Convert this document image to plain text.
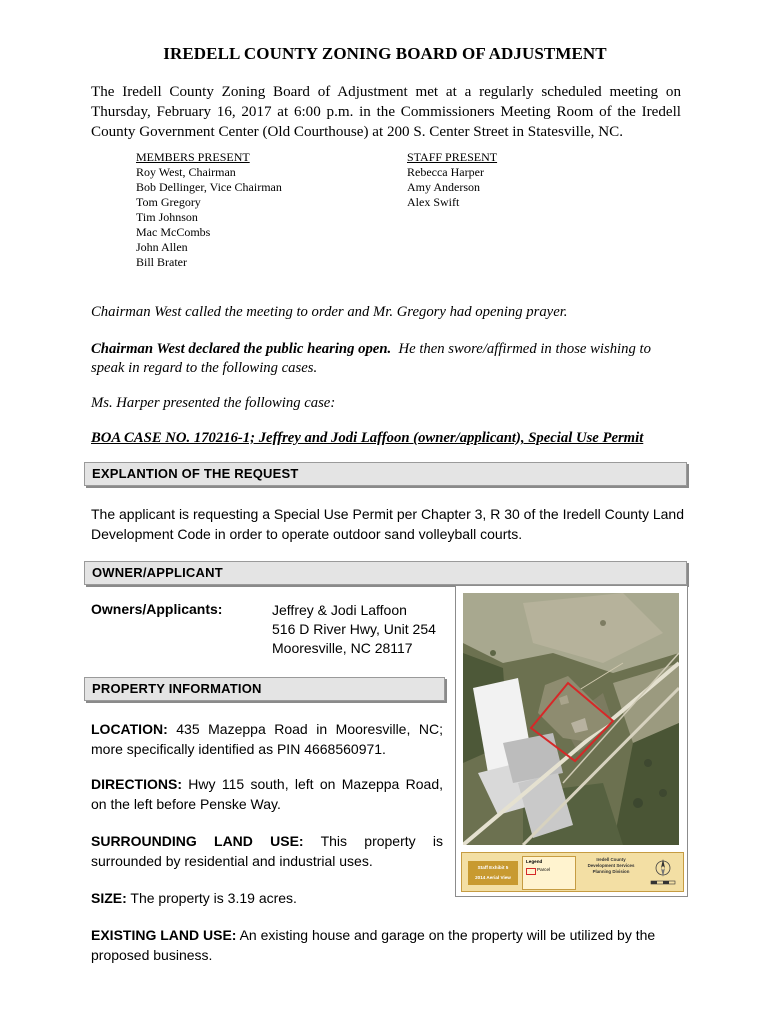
IREDELL COUNTY ZONING BOARD OF ADJUSTMENT
The Iredell County Zoning Board of Adjustment met at a regularly scheduled meeting on Thursday, February 16, 2017 at 6:00 p.m. in the Commissioners Meeting Room of the Iredell County Government Center (Old Courthouse) at 200 S. Center Street in Statesville, NC.
MEMBERS PRESENT
Roy West, Chairman
Bob Dellinger, Vice Chairman
Tom Gregory
Tim Johnson
Mac McCombs
John Allen
Bill Brater
STAFF PRESENT
Rebecca Harper
Amy Anderson
Alex Swift
Chairman West called the meeting to order and Mr. Gregory had opening prayer.
Chairman West declared the public hearing open. He then swore/affirmed in those wishing to speak in regard to the following cases.
Ms. Harper presented the following case:
BOA CASE NO. 170216-1; Jeffrey and Jodi Laffoon (owner/applicant), Special Use Permit
EXPLANTION OF THE REQUEST
The applicant is requesting a Special Use Permit per Chapter 3, R 30 of the Iredell County Land Development Code in order to operate outdoor sand volleyball courts.
OWNER/APPLICANT
Owners/Applicants:	Jeffrey & Jodi Laffoon
516 D River Hwy, Unit 254
Mooresville, NC 28117
PROPERTY INFORMATION
LOCATION: 435 Mazeppa Road in Mooresville, NC; more specifically identified as PIN 4668560971.
DIRECTIONS: Hwy 115 south, left on Mazeppa Road, on the left before Penske Way.
SURROUNDING LAND USE: This property is surrounded by residential and industrial uses.
SIZE: The property is 3.19 acres.
EXISTING LAND USE: An existing house and garage on the property will be utilized by the proposed business.
Staff Exhibit 5
2014 Aerial View
Legend
Parcel
Iredell County
Development Services
Planning Division
